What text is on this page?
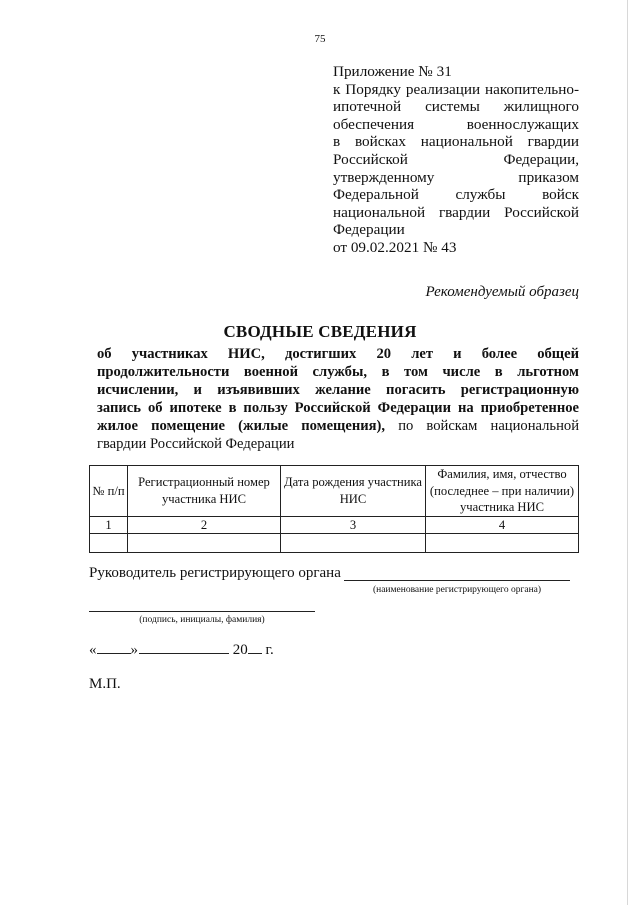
75
Приложение № 31
к Порядку реализации накопительно-
ипотечной системы жилищного
обеспечения военнослужащих
в войсках национальной гвардии
Российской Федерации,
утвержденному приказом
Федеральной службы войск
национальной гвардии Российской
Федерации
от 09.02.2021 № 43
Рекомендуемый образец
СВОДНЫЕ СВЕДЕНИЯ
об участниках НИС, достигших 20 лет и более общей
продолжительности военной службы, в том числе в льготном
исчислении, и изъявивших желание погасить регистрационную
запись об ипотеке в пользу Российской Федерации на приобретенное
жилое помещение (жилые помещения), по войскам национальной
гвардии Российской Федерации
№ п/п	Регистрационный номер участника НИС	Дата рождения участника НИС	Фамилия, имя, отчество (последнее – при наличии) участника НИС
1	2	3	4

Руководитель регистрирующего органа
(наименование регистрирующего органа)
(подпись, инициалы, фамилия)
« »	20 г.
М.П.
